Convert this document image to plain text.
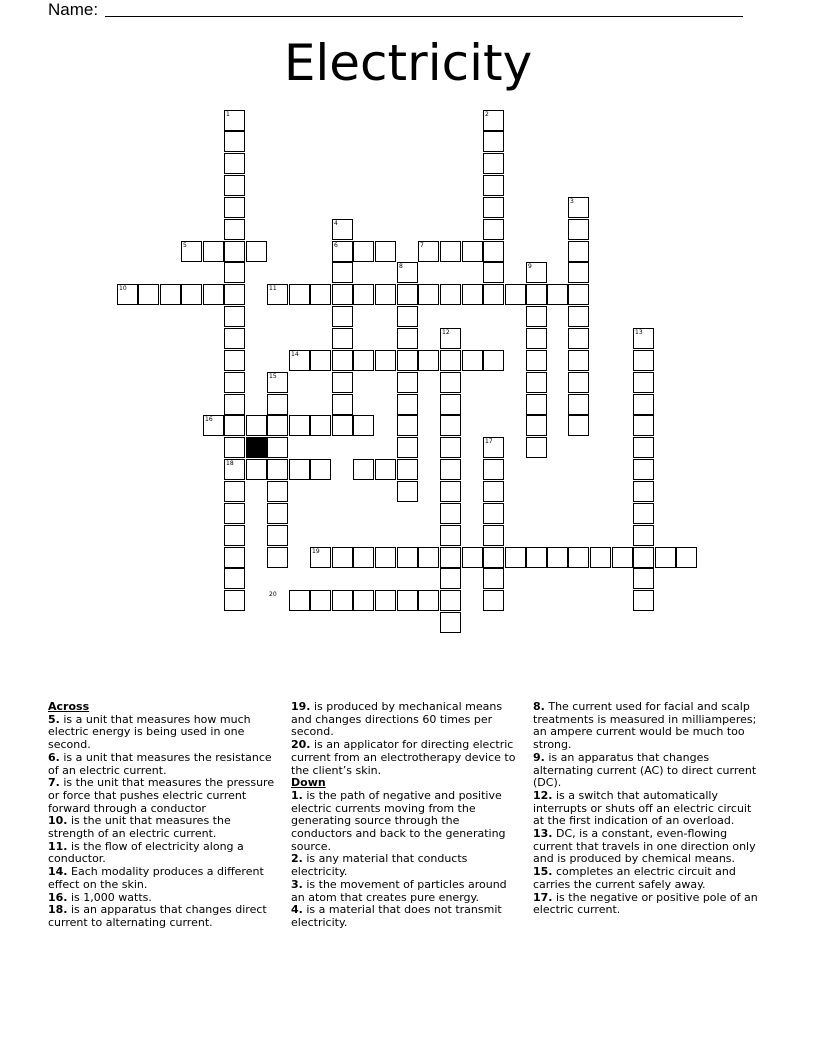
Name:
Electricity
1	2
3
4
5	6	7
8	9
10	11
12	13
14
15
16
17
18
19
20

Across

5. is a unit that measures how much electric energy is being used in one second.

6. is a unit that measures the resistance of an electric current.

7. is the unit that measures the pressure or force that pushes electric current forward through a conductor

10. is the unit that measures the strength of an electric current.

11. is the flow of electricity along a conductor.

14. Each modality produces a different effect on the skin.

16. is 1,000 watts.

18. is an apparatus that changes direct current to alternating current.

19. is produced by mechanical means and changes directions 60 times per second.

20. is an applicator for directing electric current from an electrotherapy device to the client’s skin.

Down

1. is the path of negative and positive electric currents moving from the generating source through the conductors and back to the generating source.

2. is any material that conducts electricity.

3. is the movement of particles around an atom that creates pure energy.

4. is a material that does not transmit electricity.

8. The current used for facial and scalp treatments is measured in milliamperes; an ampere current would be much too strong.

9. is an apparatus that changes alternating current (AC) to direct current (DC).

12. is a switch that automatically interrupts or shuts off an electric circuit at the first indication of an overload.

13. DC, is a constant, even-flowing current that travels in one direction only and is produced by chemical means.

15. completes an electric circuit and carries the current safely away.

17. is the negative or positive pole of an electric current.
